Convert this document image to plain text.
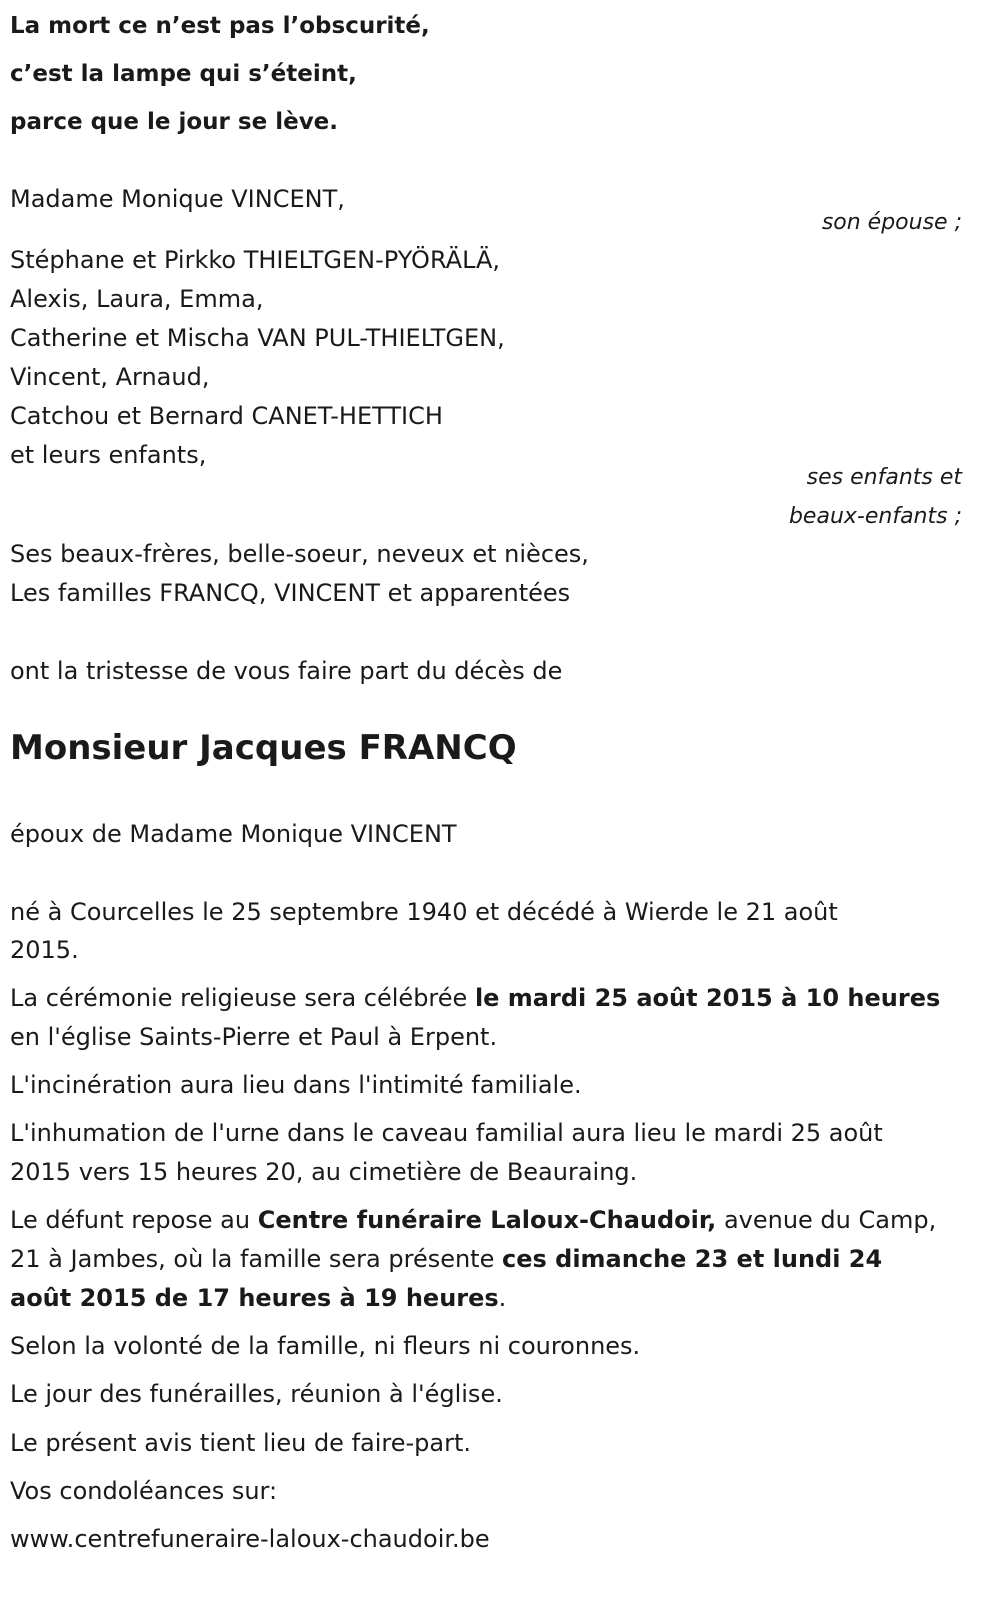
La mort ce n’est pas l’obscurité,

c’est la lampe qui s’éteint,

parce que le jour se lève.

Madame Monique VINCENT,

son épouse ;

Stéphane et Pirkko THIELTGEN-PYÖRÄLÄ,

Alexis, Laura, Emma,

Catherine et Mischa VAN PUL-THIELTGEN,

Vincent, Arnaud,

Catchou et Bernard CANET-HETTICH

et leurs enfants,

ses enfants et
beaux-enfants ;

Ses beaux-frères, belle-soeur, neveux et nièces,

Les familles FRANCQ, VINCENT et apparentées

ont la tristesse de vous faire part du décès de

Monsieur Jacques FRANCQ

époux de Madame Monique VINCENT

né à Courcelles le 25 septembre 1940 et décédé à Wierde le 21 août

2015.

La cérémonie religieuse sera célébrée le mardi 25 août 2015 à 10 heures

en l'église Saints-Pierre et Paul à Erpent.

L'incinération aura lieu dans l'intimité familiale.

L'inhumation de l'urne dans le caveau familial aura lieu le mardi 25 août

2015 vers 15 heures 20, au cimetière de Beauraing.

Le défunt repose au Centre funéraire Laloux-Chaudoir, avenue du Camp,

21 à Jambes, où la famille sera présente ces dimanche 23 et lundi 24

août 2015 de 17 heures à 19 heures.

Selon la volonté de la famille, ni fleurs ni couronnes.

Le jour des funérailles, réunion à l'église.

Le présent avis tient lieu de faire-part.

Vos condoléances sur:

www.centrefuneraire-laloux-chaudoir.be
